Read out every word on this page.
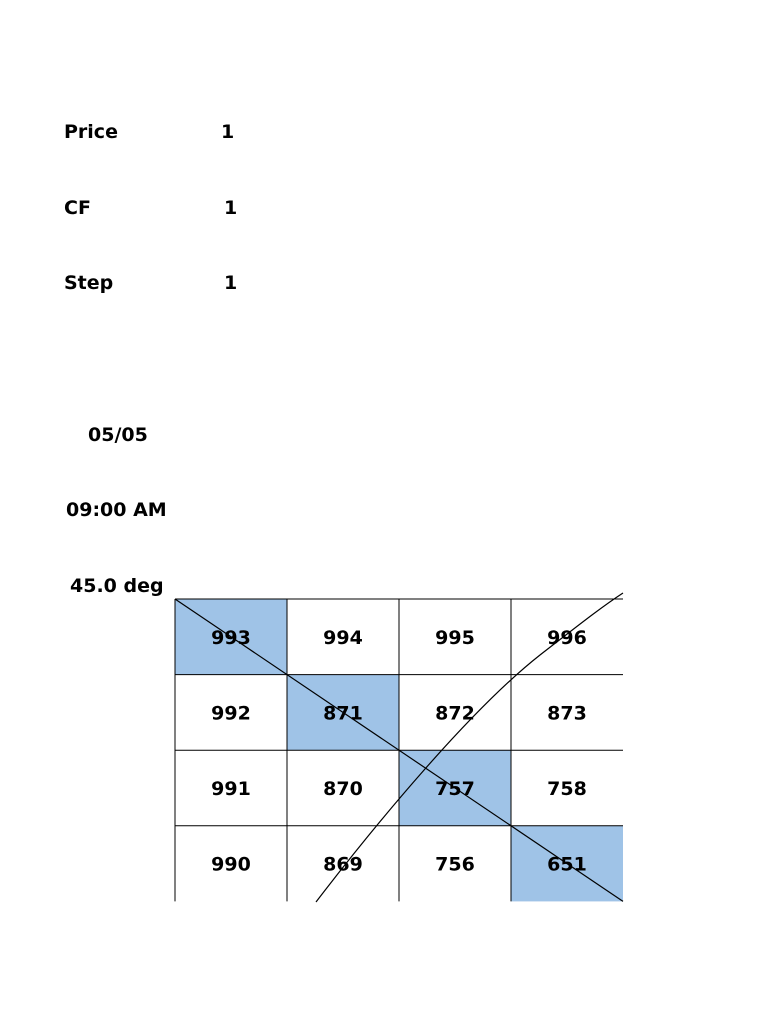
Price	1
CF	1
Step	1
05/05
09:00 AM
45.0 deg
993	994	995	996
992	871	872	873
991	870	757	758
990	869	756	651
